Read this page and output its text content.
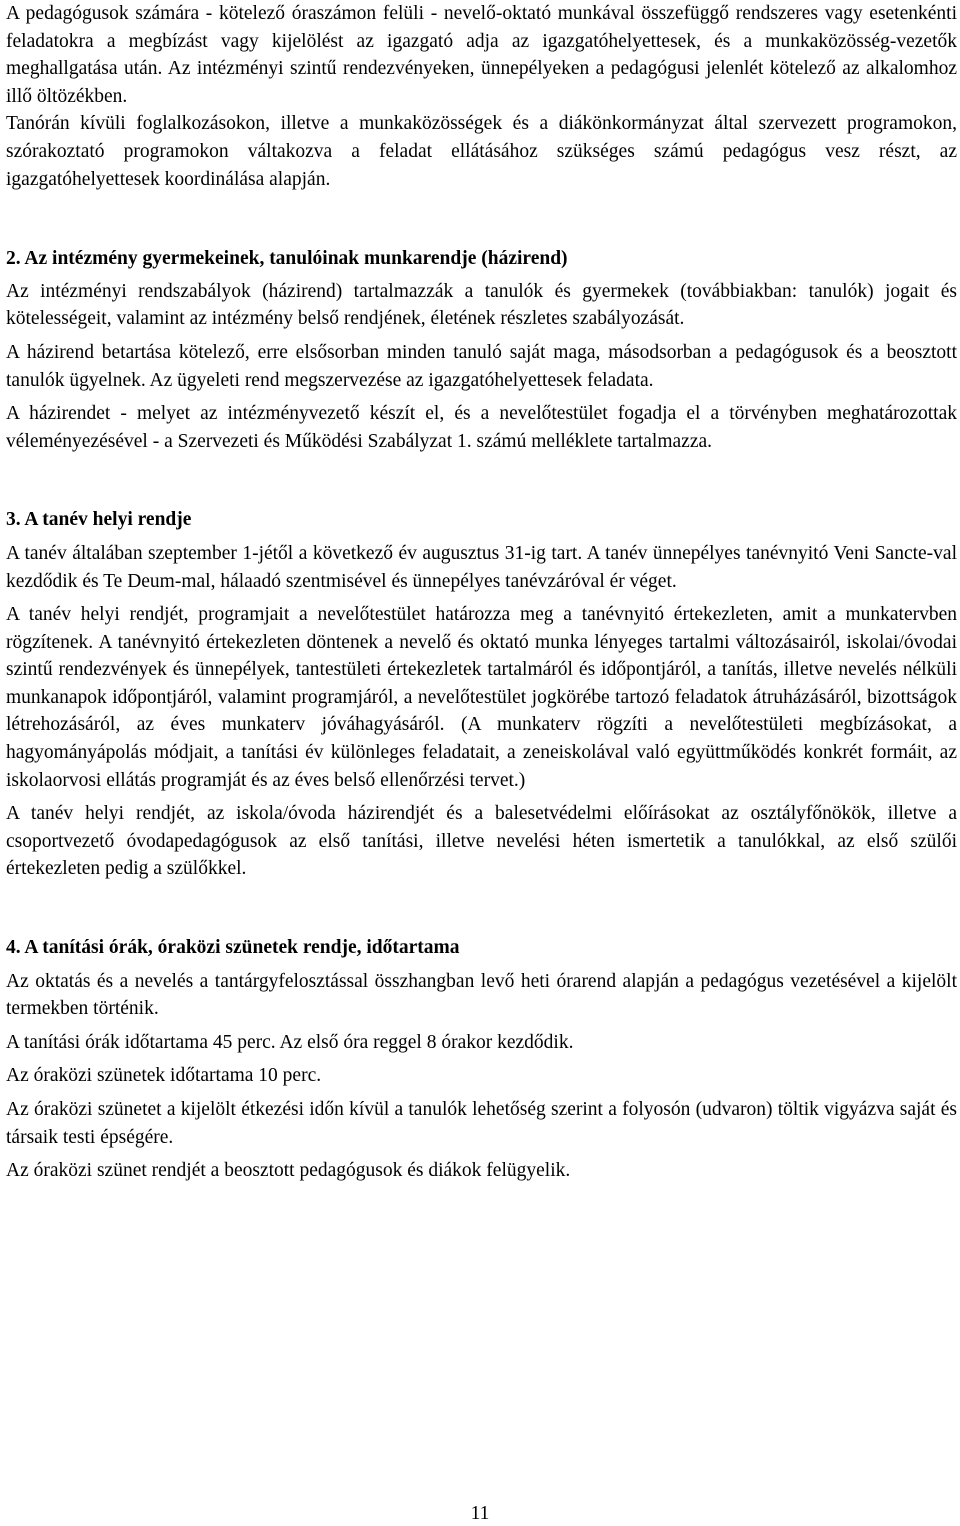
A pedagógusok számára - kötelező óraszámon felüli - nevelő-oktató munkával összefüggő rendszeres vagy esetenkénti feladatokra a megbízást vagy kijelölést az igazgató adja az igazgatóhelyettesek, és a munkaközösség-vezetők meghallgatása után. Az intézményi szintű rendezvényeken, ünnepélyeken a pedagógusi jelenlét kötelező az alkalomhoz illő öltözékben.

Tanórán kívüli foglalkozásokon, illetve a munkaközösségek és a diákönkormányzat által szervezett programokon, szórakoztató programokon váltakozva a feladat ellátásához szükséges számú pedagógus vesz részt, az igazgatóhelyettesek koordinálása alapján.

2. Az intézmény gyermekeinek, tanulóinak munkarendje (házirend)

Az intézményi rendszabályok (házirend) tartalmazzák a tanulók és gyermekek (továbbiakban: tanulók) jogait és kötelességeit, valamint az intézmény belső rendjének, életének részletes szabályozását.

A házirend betartása kötelező, erre elsősorban minden tanuló saját maga, másodsorban a pedagógusok és a beosztott tanulók ügyelnek. Az ügyeleti rend megszervezése az igazgatóhelyettesek feladata.

A házirendet - melyet az intézményvezető készít el, és a nevelőtestület fogadja el a törvényben meghatározottak véleményezésével - a Szervezeti és Működési Szabályzat 1. számú melléklete tartalmazza.

3. A tanév helyi rendje

A tanév általában szeptember 1-jétől a következő év augusztus 31-ig tart. A tanév ünnepélyes tanévnyitó Veni Sancte-val kezdődik és Te Deum-mal, hálaadó szentmisével és ünnepélyes tanévzáróval ér véget.

A tanév helyi rendjét, programjait a nevelőtestület határozza meg a tanévnyitó értekezleten, amit a munkatervben rögzítenek. A tanévnyitó értekezleten döntenek a nevelő és oktató munka lényeges tartalmi változásairól, iskolai/óvodai szintű rendezvények és ünnepélyek, tantestületi értekezletek tartalmáról és időpontjáról, a tanítás, illetve nevelés nélküli munkanapok időpontjáról, valamint programjáról, a nevelőtestület jogkörébe tartozó feladatok átruházásáról, bizottságok létrehozásáról, az éves munkaterv jóváhagyásáról. (A munkaterv rögzíti a nevelőtestületi megbízásokat, a hagyományápolás módjait, a tanítási év különleges feladatait, a zeneiskolával való együttműködés konkrét formáit, az iskolaorvosi ellátás programját és az éves belső ellenőrzési tervet.)

A tanév helyi rendjét, az iskola/óvoda házirendjét és a balesetvédelmi előírásokat az osztályfőnökök, illetve a csoportvezető óvodapedagógusok az első tanítási, illetve nevelési héten ismertetik a tanulókkal, az első szülői értekezleten pedig a szülőkkel.

4. A tanítási órák, óraközi szünetek rendje, időtartama

Az oktatás és a nevelés a tantárgyfelosztással összhangban levő heti órarend alapján a pedagógus vezetésével a kijelölt termekben történik.

A tanítási órák időtartama 45 perc. Az első óra reggel 8 órakor kezdődik.

Az óraközi szünetek időtartama 10 perc.

Az óraközi szünetet a kijelölt étkezési időn kívül a tanulók lehetőség szerint a folyosón (udvaron) töltik vigyázva saját és társaik testi épségére.

Az óraközi szünet rendjét a beosztott pedagógusok és diákok felügyelik.

11
